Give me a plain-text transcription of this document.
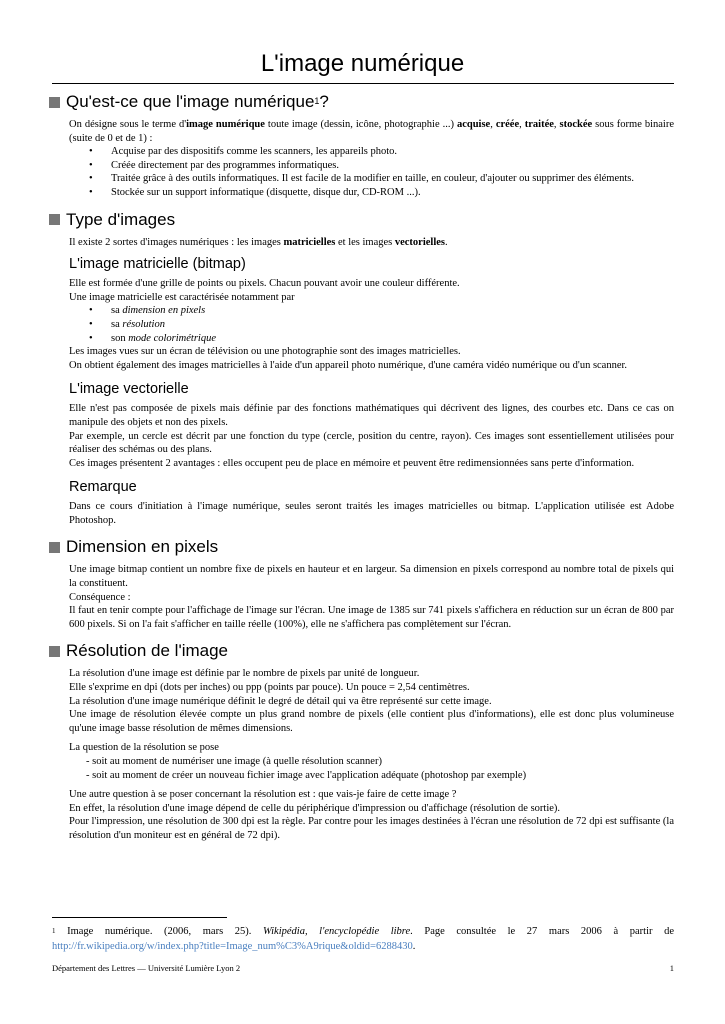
L'image numérique
Qu'est-ce que l'image numérique$^1$ ?
On désigne sous le terme d'image numérique toute image (dessin, icône, photographie ...) acquise, créée, traitée, stockée sous forme binaire (suite de 0 et de 1) :
• Acquise par des dispositifs comme les scanners, les appareils photo.
• Créée directement par des programmes informatiques.
• Traitée grâce à des outils informatiques. Il est facile de la modifier en taille, en couleur, d'ajouter ou supprimer des éléments.
• Stockée sur un support informatique (disquette, disque dur, CD-ROM ...).
Type d'images
Il existe 2 sortes d'images numériques : les images matricielles et les images vectorielles.
L'image matricielle (bitmap)
Elle est formée d'une grille de points ou pixels. Chacun pouvant avoir une couleur différente.
Une image matricielle est caractérisée notamment par
• sa dimension en pixels
• sa résolution
• son mode colorimétrique
Les images vues sur un écran de télévision ou une photographie sont des images matricielles.
On obtient également des images matricielles à l'aide d'un appareil photo numérique, d'une caméra vidéo numérique ou d'un scanner.
L'image vectorielle
Elle n'est pas composée de pixels mais définie par des fonctions mathématiques qui décrivent des lignes, des courbes etc. Dans ce cas on manipule des objets et non des pixels.
Par exemple, un cercle est décrit par une fonction du type (cercle, position du centre, rayon). Ces images sont essentiellement utilisées pour réaliser des schémas ou des plans.
Ces images présentent 2 avantages : elles occupent peu de place en mémoire et peuvent être redimensionnées sans perte d'information.
Remarque
Dans ce cours d'initiation à l'image numérique, seules seront traités les images matricielles ou bitmap. L'application utilisée est Adobe Photoshop.
Dimension en pixels
Une image bitmap contient un nombre fixe de pixels en hauteur et en largeur. Sa dimension en pixels correspond au nombre total de pixels qui la constituent.
Conséquence :
Il faut en tenir compte pour l'affichage de l'image sur l'écran. Une image de 1385 sur 741 pixels s'affichera en réduction sur un écran de 800 par 600 pixels. Si on l'a fait s'afficher en taille réelle (100%), elle ne s'affichera pas complètement sur l'écran.
Résolution de l'image
La résolution d'une image est définie par le nombre de pixels par unité de longueur.
Elle s'exprime en dpi (dots per inches) ou ppp (points par pouce). Un pouce = 2,54 centimètres.
La résolution d'une image numérique définit le degré de détail qui va être représenté sur cette image.
Une image de résolution élevée compte un plus grand nombre de pixels (elle contient plus d'informations), elle est donc plus volumineuse qu'une image basse résolution de mêmes dimensions.
La question de la résolution se pose
- soit au moment de numériser une image (à quelle résolution scanner)
- soit au moment de créer un nouveau fichier image avec l'application adéquate (photoshop par exemple)
Une autre question à se poser concernant la résolution est : que vais-je faire de cette image ?
En effet, la résolution d'une image dépend de celle du périphérique d'impression ou d'affichage (résolution de sortie).
Pour l'impression, une résolution de 300 dpi est la règle. Par contre pour les images destinées à l'écran une résolution de 72 dpi est suffisante (la résolution d'un moniteur est en général de 72 dpi).
$^1$ Image numérique. (2006, mars 25). Wikipédia, l'encyclopédie libre. Page consultée le 27 mars 2006 à partir de http://fr.wikipedia.org/w/index.php?title=Image_num%C3%A9rique&oldid=6288430.
Département des Lettres — Université Lumière Lyon 2	1
